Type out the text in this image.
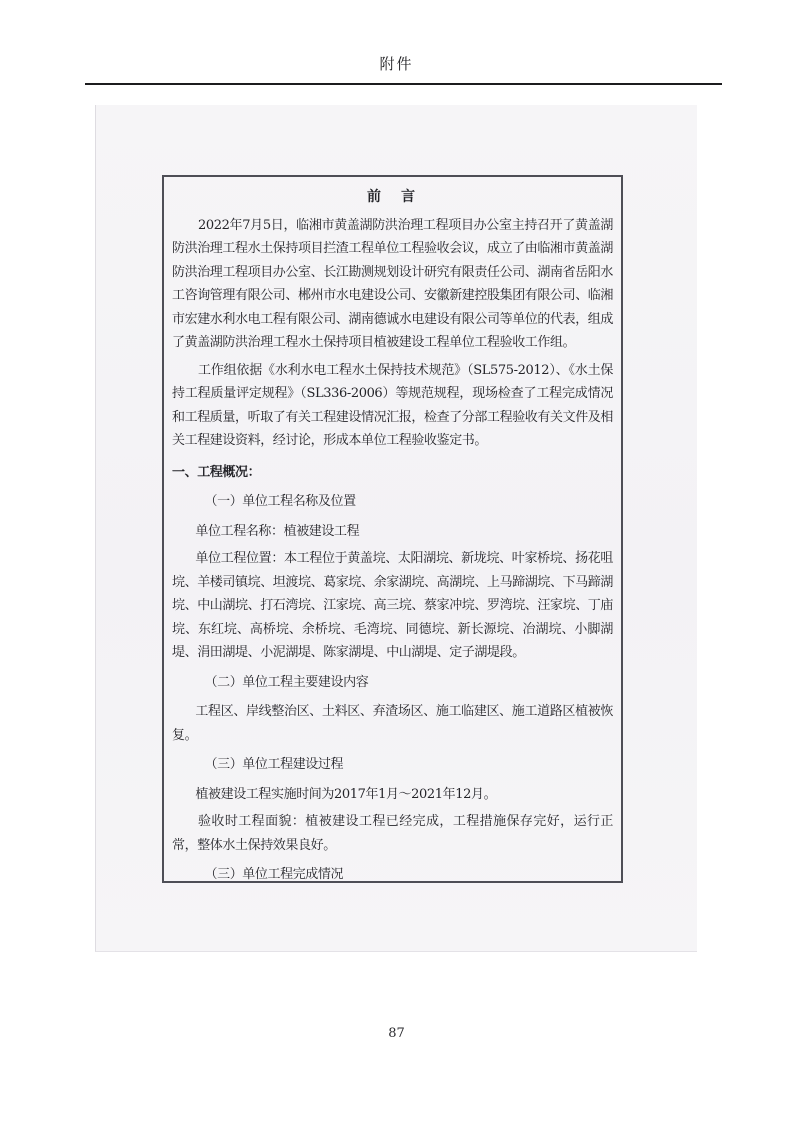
附件
前　言
2022年7月5日，临湘市黄盖湖防洪治理工程项目办公室主持召开了黄盖湖防洪治理工程水土保持项目拦渣工程单位工程验收会议，成立了由临湘市黄盖湖防洪治理工程项目办公室、长江勘测规划设计研究有限责任公司、湖南省岳阳水工咨询管理有限公司、郴州市水电建设公司、安徽新建控股集团有限公司、临湘市宏建水利水电工程有限公司、湖南德诚水电建设有限公司等单位的代表，组成了黄盖湖防洪治理工程水土保持项目植被建设工程单位工程验收工作组。
工作组依据《水利水电工程水土保持技术规范》（SL575-2012）、《水土保持工程质量评定规程》（SL336-2006）等规范规程，现场检查了工程完成情况和工程质量，听取了有关工程建设情况汇报，检查了分部工程验收有关文件及相关工程建设资料，经讨论，形成本单位工程验收鉴定书。
一、工程概况：
（一）单位工程名称及位置
单位工程名称：植被建设工程
单位工程位置：本工程位于黄盖垸、太阳湖垸、新垅垸、叶家桥垸、扬花咀垸、羊楼司镇垸、坦渡垸、葛家垸、余家湖垸、高湖垸、上马蹄湖垸、下马蹄湖垸、中山湖垸、打石湾垸、江家垸、高三垸、蔡家冲垸、罗湾垸、汪家垸、丁庙垸、东红垸、高桥垸、余桥垸、毛湾垸、同德垸、新长源垸、冶湖垸、小脚湖堤、涓田湖堤、小泥湖堤、陈家湖堤、中山湖堤、定子湖堤段。
（二）单位工程主要建设内容
工程区、岸线整治区、土料区、弃渣场区、施工临建区、施工道路区植被恢复。
（三）单位工程建设过程
植被建设工程实施时间为2017年1月～2021年12月。
验收时工程面貌：植被建设工程已经完成，工程措施保存完好，运行正常，整体水土保持效果良好。
（三）单位工程完成情况
87
